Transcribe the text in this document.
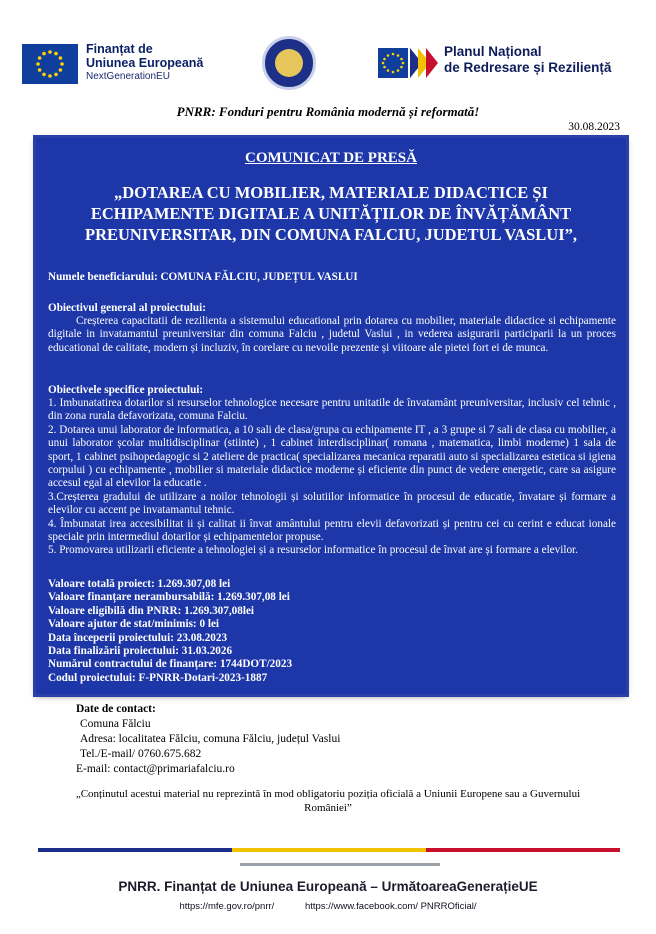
Finanțat de
Uniunea Europeană
NextGenerationEU
Planul Național
de Redresare și Reziliență
PNRR: Fonduri pentru România modernă și reformată!
30.08.2023
COMUNICAT DE PRESĂ
„DOTAREA CU MOBILIER, MATERIALE DIDACTICE ȘI ECHIPAMENTE DIGITALE A UNITĂȚILOR DE ÎNVĂȚĂMÂNT PREUNIVERSITAR, DIN COMUNA FALCIU, JUDETUL VASLUI”,
Numele beneficiarului: COMUNA FĂLCIU, JUDEȚUL VASLUI
Obiectivul general al proiectului:
Creșterea capacitatii de rezilienta a sistemului educational prin dotarea cu mobilier, materiale didactice si echipamente digitale in invatamantul preuniversitar din comuna Falciu , judetul Vaslui , in vederea asigurarii participarii la un proces educational de calitate, modern și incluziv, în corelare cu nevoile prezente și viitoare ale pietei fort ei de munca.
Obiectivele specifice proiectului:
1. Imbunatatirea dotarilor si resurselor tehnologice necesare pentru unitatile de învatamânt preuniversitar, inclusiv cel tehnic , din zona rurala defavorizata, comuna Falciu.
2. Dotarea unui laborator de informatica, a 10 sali de clasa/grupa cu echipamente IT , a 3 grupe si 7 sali de clasa cu mobilier, a unui laborator școlar multidisciplinar (stiinte) , 1 cabinet interdisciplinar( romana , matematica, limbi moderne) 1 sala de sport, 1 cabinet psihopedagogic si 2 ateliere de practica( specializarea mecanica reparatii auto si specializarea estetica si igiena corpului ) cu echipamente , mobilier si materiale didactice moderne și eficiente din punct de vedere energetic, care sa asigure accesul egal al elevilor la educatie .
3.Creșterea gradului de utilizare a noilor tehnologii și solutiilor informatice în procesul de educatie, învatare și formare a elevilor cu accent pe invatamantul tehnic.
4. Îmbunatat irea accesibilitat ii și calitat ii învat amântului pentru elevii defavorizati și pentru cei cu cerint e educat ionale speciale prin intermediul dotarilor și echipamentelor propuse.
5. Promovarea utilizarii eficiente a tehnologiei și a resurselor informatice în procesul de învat are și formare a elevilor.
Valoare totală proiect: 1.269.307,08 lei
Valoare finanțare nerambursabilă: 1.269.307,08 lei
Valoare eligibilă din PNRR: 1.269.307,08lei
Valoare ajutor de stat/minimis: 0 lei
Data începerii proiectului: 23.08.2023
Data finalizării proiectului: 31.03.2026
Numărul contractului de finanțare: 1744DOT/2023
Codul proiectului: F-PNRR-Dotari-2023-1887
Date de contact:
Comuna Fălciu
Adresa: localitatea Fălciu, comuna Fălciu, județul Vaslui
Tel./E-mail/ 0760.675.682
E-mail: contact@primariafalciu.ro
„Conținutul acestui material nu reprezintă în mod obligatoriu poziția oficială a Uniunii Europene sau a Guvernului României”
PNRR. Finanțat de Uniunea Europeană – UrmătoareaGenerațieUE
https://mfe.gov.ro/pnrr/	https://www.facebook.com/ PNRROficial/
